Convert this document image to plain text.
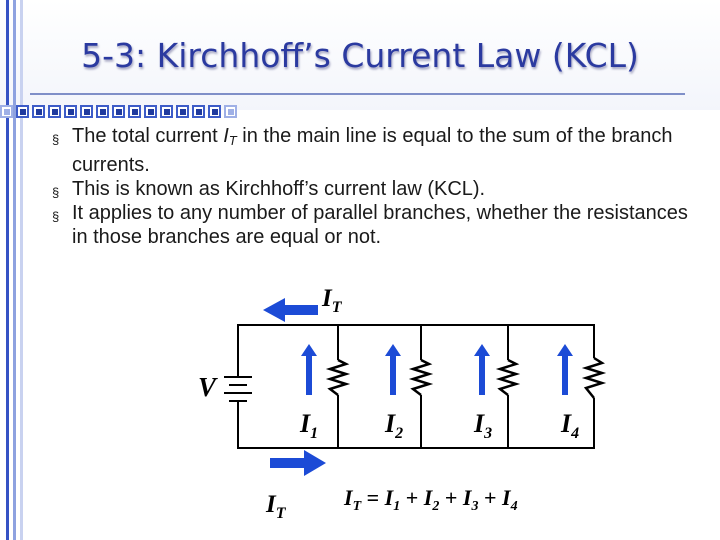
5-3: Kirchhoff’s Current Law (KCL)
§ The total current $I_T$ in the main line is equal to the sum of the branch currents.
§ This is known as Kirchhoff’s current law (KCL).
§ It applies to any number of parallel branches, whether the resistances in those branches are equal or not.
$I_T$
V
$I_1$	$I_2$	$I_3$	$I_4$
$I_T$
$I_T = I_1 + I_2 + I_3 + I_4$
